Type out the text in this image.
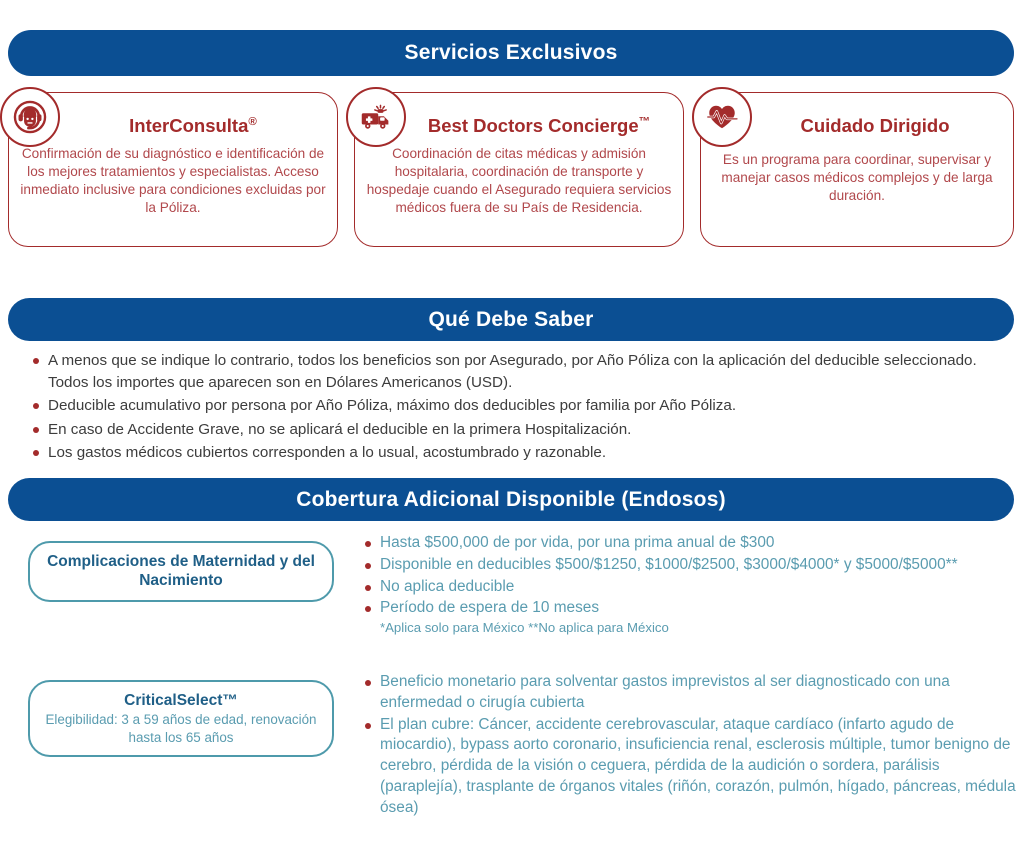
Servicios Exclusivos
InterConsulta®
Confirmación de su diagnóstico e identificación de los mejores tratamientos y especialistas. Acceso inmediato inclusive para condiciones excluidas por la Póliza.
Best Doctors Concierge™
Coordinación de citas médicas y admisión hospitalaria, coordinación de transporte y hospedaje cuando el Asegurado requiera servicios médicos fuera de su País de Residencia.
Cuidado Dirigido
Es un programa para coordinar, supervisar y manejar casos médicos complejos y de larga duración.
Qué Debe Saber
A menos que se indique lo contrario, todos los beneficios son por Asegurado, por Año Póliza con la aplicación del deducible seleccionado. Todos los importes que aparecen son en Dólares Americanos (USD).
Deducible acumulativo por persona por Año Póliza, máximo dos deducibles por familia por Año Póliza.
En caso de Accidente Grave, no se aplicará el deducible en la primera Hospitalización.
Los gastos médicos cubiertos corresponden a lo usual, acostumbrado y razonable.
Cobertura Adicional Disponible (Endosos)
Complicaciones de Maternidad y del Nacimiento
Hasta $500,000 de por vida, por una prima anual de $300
Disponible en deducibles $500/$1250, $1000/$2500, $3000/$4000* y $5000/$5000**
No aplica deducible
Período de espera de 10 meses
*Aplica solo para México **No aplica para México
CriticalSelect™
Elegibilidad: 3 a 59 años de edad, renovación hasta los 65 años
Beneficio monetario para solventar gastos imprevistos al ser diagnosticado con una enfermedad o cirugía cubierta
El plan cubre: Cáncer, accidente cerebrovascular, ataque cardíaco (infarto agudo de miocardio), bypass aorto coronario, insuficiencia renal, esclerosis múltiple, tumor benigno de cerebro, pérdida de la visión o ceguera, pérdida de la audición o sordera, parálisis (paraplejía), trasplante de órganos vitales (riñón, corazón, pulmón, hígado, páncreas, médula ósea)
